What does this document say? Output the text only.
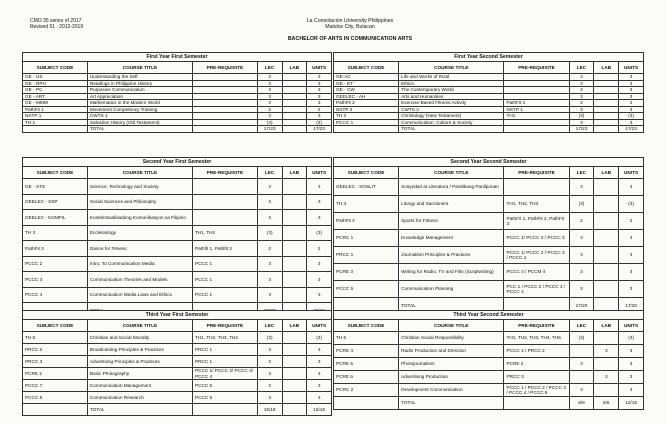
CMO 35 series of 2017
Revised 51 : 2012-2019
La Consolacion University Philippines
Malolos City, Bulacan
BACHELOR OF ARTS IN COMMUNICATION ARTS
First Year First Semester
SUBJECT CODE	COURSE TITLE	PRE-REQUISITE	LEC	LAB	UNITS
GE - US	Understanding the Self		3		3
GE - RPH	Readings in Philippine History		3		3
GE - PC	Purposive Communication		3		3
GE - ART	Art Appreciation		3		3
GE - MMW	Mathematics in the Modern World		3		3
PathFit 1	Movement Competency Training		2		2
NSTP 1	CWTS 1		3		3
TH 1	Salvation History (Old Testament)		(3)		(3)
	TOTAL		17/23		17/23
First Year Second Semester
SUBJECT CODE	COURSE TITLE	PRE-REQUISITE	LEC	LAB	UNITS
GE-AC	Life and Works of Rizal		3		3
GE - ET	Ethics		3		3
GE - CW	The Contemporary World		3		3
GEELEC - AH	Arts and Humanities		3		3
PathFit 2	Exercise-Based Fitness Activity	PathFit 1	2		2
NSTP 2	CWTS 2	NSTP 1	3		3
TH 2	Christology (New Testament)	TH1	(3)		(3)
PCCC 1	Communication, Culture & Society		3		3
	TOTAL		17/23		17/23
Second Year First Semester
SUBJECT CODE	COURSE TITLE	PRE-REQUISITE	LEC	LAB	UNITS
GE - STS	Science, Technology and Society		3		3
GEELEC - SSP	Social Sciences and Philosophy		3		3
GEELEC - KOMFIL	Kontekstwalisadong Komunikasyon sa Filipino		3		3
TH 3	Ecclesiology	TH1, TH2	(3)		(3)
PathFit 3	Dance for Fitness	Pathfit 1, Pathfit 2	2		2
PCCC 2	Intro. To Communication Media	PCCC 1	3		3
PCCC 3	Communication Theories and Models	PCCC 1	3		3
PCCC 4	Communication Media Laws and Ethics	PCCC 1	3		3

Second Year Second Semester
SUBJECT CODE	COURSE TITLE	PRE-REQUISITE	LEC	LAB	UNITS
GEELEC - SOSLIT	Sosyedad at Literatura / Panitikang Panlipunan		3		3
TH 4	Liturgy and Sacrament	TH1, TH2, TH3	(3)		(3)
PathFit 4	Sports for Fitness	PathFit 1, PathFit 2, PathFit 3	2		2
PCRC 1	Knowledge Management	PCCC 1/ PCCC 2 / PCCC 3	3		3
PRCC 1	Journalism Principles & Practices	PCCC 1/ PCCC 2 / PCCC 3 / PCCC 4	3		3
PCRE 3	Writing for Radio, TV and Film (Scriptwriting)	PCCC 3 / PCCM 4	3		3
PCCC 5	Communication Planning	PCC 1 / PCCC 2 / PCCC 3 / PCCC 4	3		3
	TOTAL		17/20		17/20
Third Year First Semester
SUBJECT CODE	COURSE TITLE	PRE-REQUISITE	LEC	LAB	UNITS
TH 5	Christian and Social Morality	TH1, TH2, TH3, TH4	(3)		(3)
PRCC 2	Broadcasting Principles & Practices	PRCC 1	3		3
PRCC 3	Advertising Principles & Practices	PRCC 1	3		3
PCRE 2	Basic Photography	PCCC 1/ PCCC 2/ PCCC 3/ PCCC 4	3		3
PCCC 7	Communication Management	PCCC 5	3		3
PCCC 6	Communication Research	PCCC 5	3		3
	TOTAL		15/18		15/18
Third Year Second Semester
SUBJECT CODE	COURSE TITLE	PRE-REQUISITE	LEC	LAB	UNITS
TH 6	Christian Social Responsibility	TH1, TH2, TH3, TH4, TH5	(3)		(3)
PCRE 4	Radio Production and Direction	PCCC 4 / PRCC 2		3	3
PCRE 5	Photojournalism	PCRE 2	3		3
PCRE 6	Advertising Production	PRCC 3		3	3
PCRC 2	Development Communication	PCCC 1 / PCCC 2 / PCCC 3 / PCCC 4 / PCCC 5	3		3
	TOTAL		6/9	6/6	12/15
